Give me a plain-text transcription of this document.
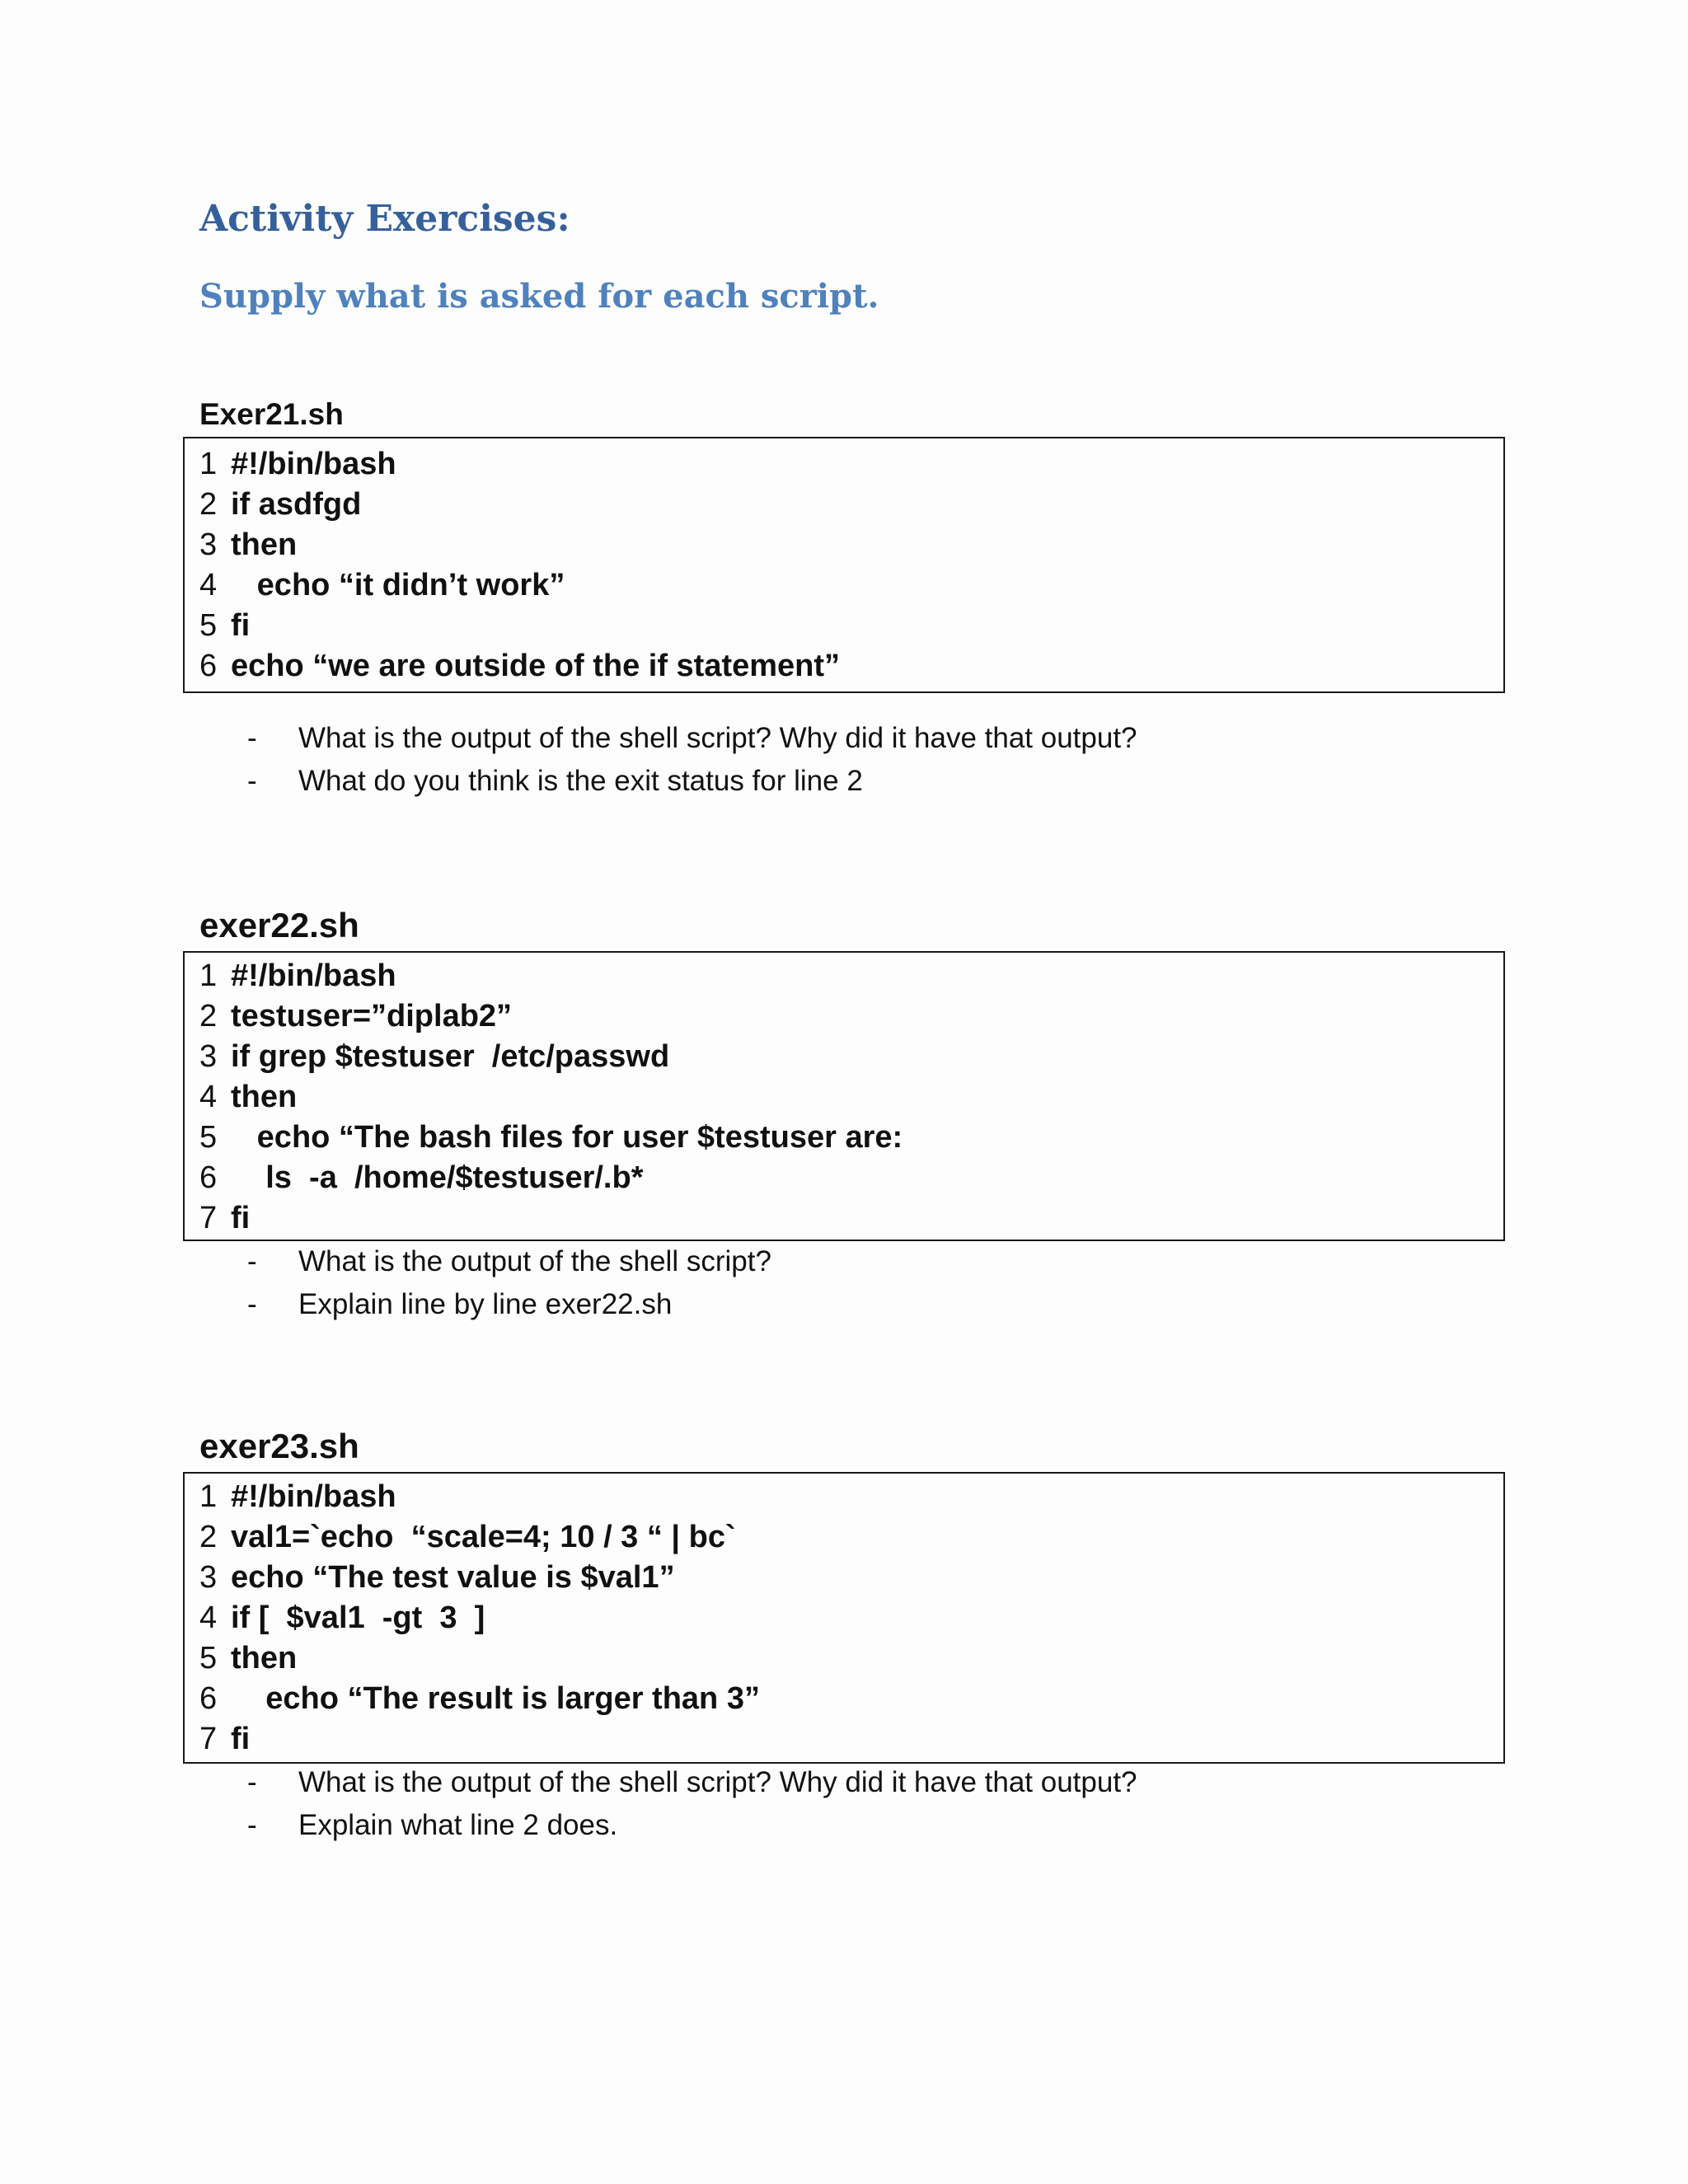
Activity Exercises:
Supply what is asked for each script.
Exer21.sh
1 #!/bin/bash
2 if asdfgd
3 then
4   echo “it didn’t work”
5 fi
6 echo “we are outside of the if statement”
- What is the output of the shell script? Why did it have that output?
- What do you think is the exit status for line 2
exer22.sh
1 #!/bin/bash
2 testuser=”diplab2”
3 if grep $testuser  /etc/passwd
4 then
5   echo “The bash files for user $testuser are:
6    ls  -a  /home/$testuser/.b*
7 fi
- What is the output of the shell script?
- Explain line by line exer22.sh
exer23.sh
1 #!/bin/bash
2 val1=`echo  “scale=4; 10 / 3 “ | bc`
3 echo “The test value is $val1”
4 if [  $val1  -gt  3  ]
5 then
6    echo “The result is larger than 3”
7 fi
- What is the output of the shell script? Why did it have that output?
- Explain what line 2 does.
